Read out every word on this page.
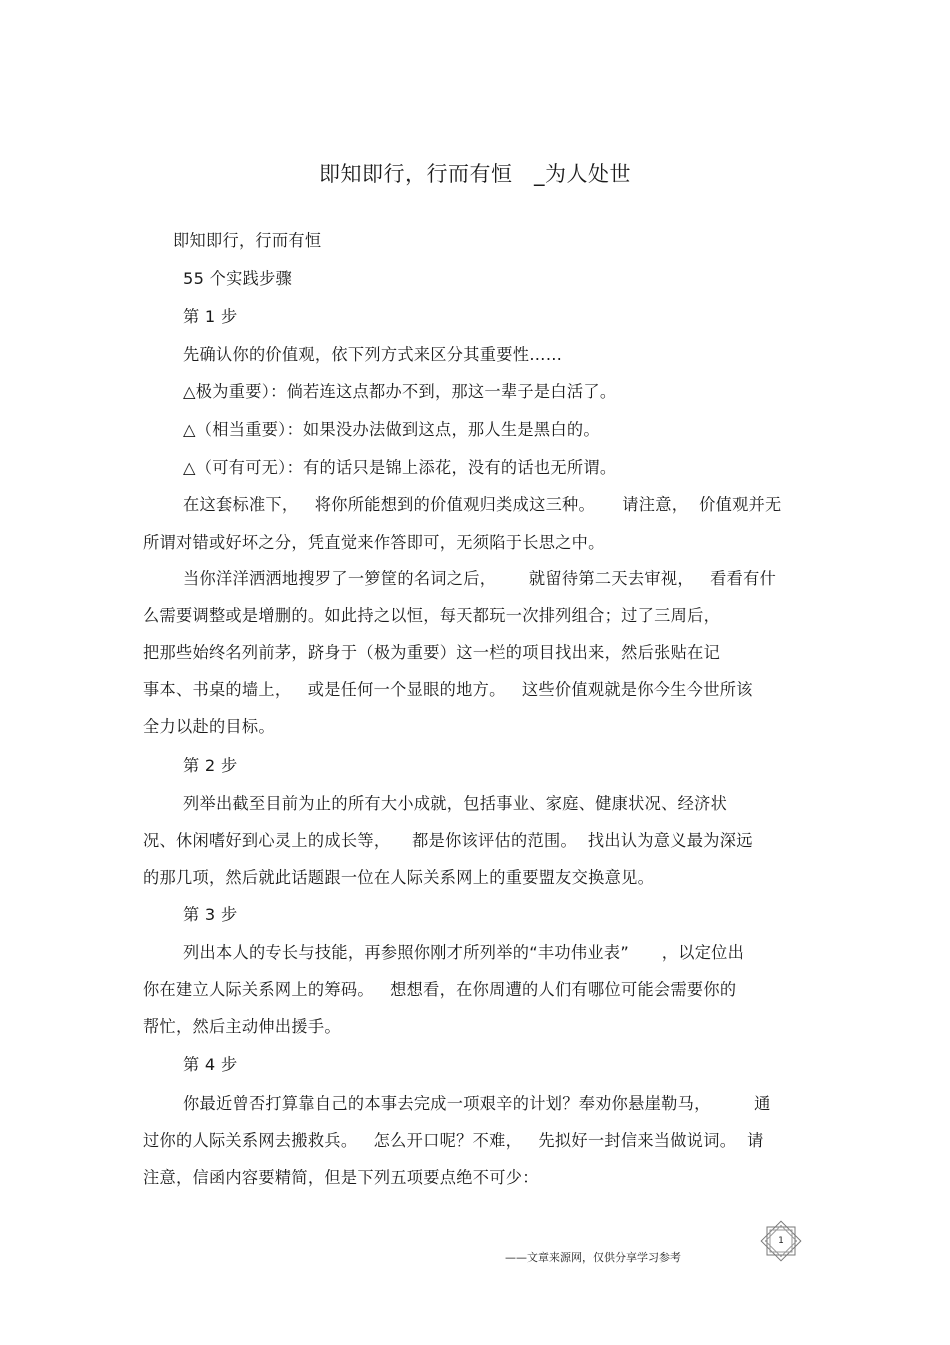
即知即行，行而有恒   _为人处世
即知即行，行而有恒
55 个实践步骤
第 1 步
先确认你的价值观，依下列方式来区分其重要性……
△极为重要）：倘若连这点都办不到，那这一辈子是白活了。
△（相当重要）：如果没办法做到这点，那人生是黑白的。
△（可有可无）：有的话只是锦上添花，没有的话也无所谓。
在这套标准下，   将你所能想到的价值观归类成这三种。     请注意，  价值观并无
所谓对错或好坏之分，凭直觉来作答即可，无须陷于长思之中。
当你洋洋洒洒地搜罗了一箩筐的名词之后，      就留待第二天去审视，   看看有什
么需要调整或是增删的。如此持之以恒，每天都玩一次排列组合；过了三周后，
把那些始终名列前茅，跻身于（极为重要）这一栏的项目找出来，然后张贴在记
事本、书桌的墙上，   或是任何一个显眼的地方。   这些价值观就是你今生今世所该
全力以赴的目标。
第 2 步
列举出截至目前为止的所有大小成就，包括事业、家庭、健康状况、经济状
况、休闲嗜好到心灵上的成长等，    都是你该评估的范围。  找出认为意义最为深远
的那几项，然后就此话题跟一位在人际关系网上的重要盟友交换意见。
第 3 步
列出本人的专长与技能，再参照你刚才所列举的“丰功伟业表”      ，以定位出
你在建立人际关系网上的筹码。   想想看，在你周遭的人们有哪位可能会需要你的
帮忙，然后主动伸出援手。
第 4 步
你最近曾否打算靠自己的本事去完成一项艰辛的计划？奉劝你悬崖勒马，        通
过你的人际关系网去搬救兵。   怎么开口呢？不难，   先拟好一封信来当做说词。  请
注意，信函内容要精简，但是下列五项要点绝不可少：
——文章来源网，仅供分享学习参考
1
